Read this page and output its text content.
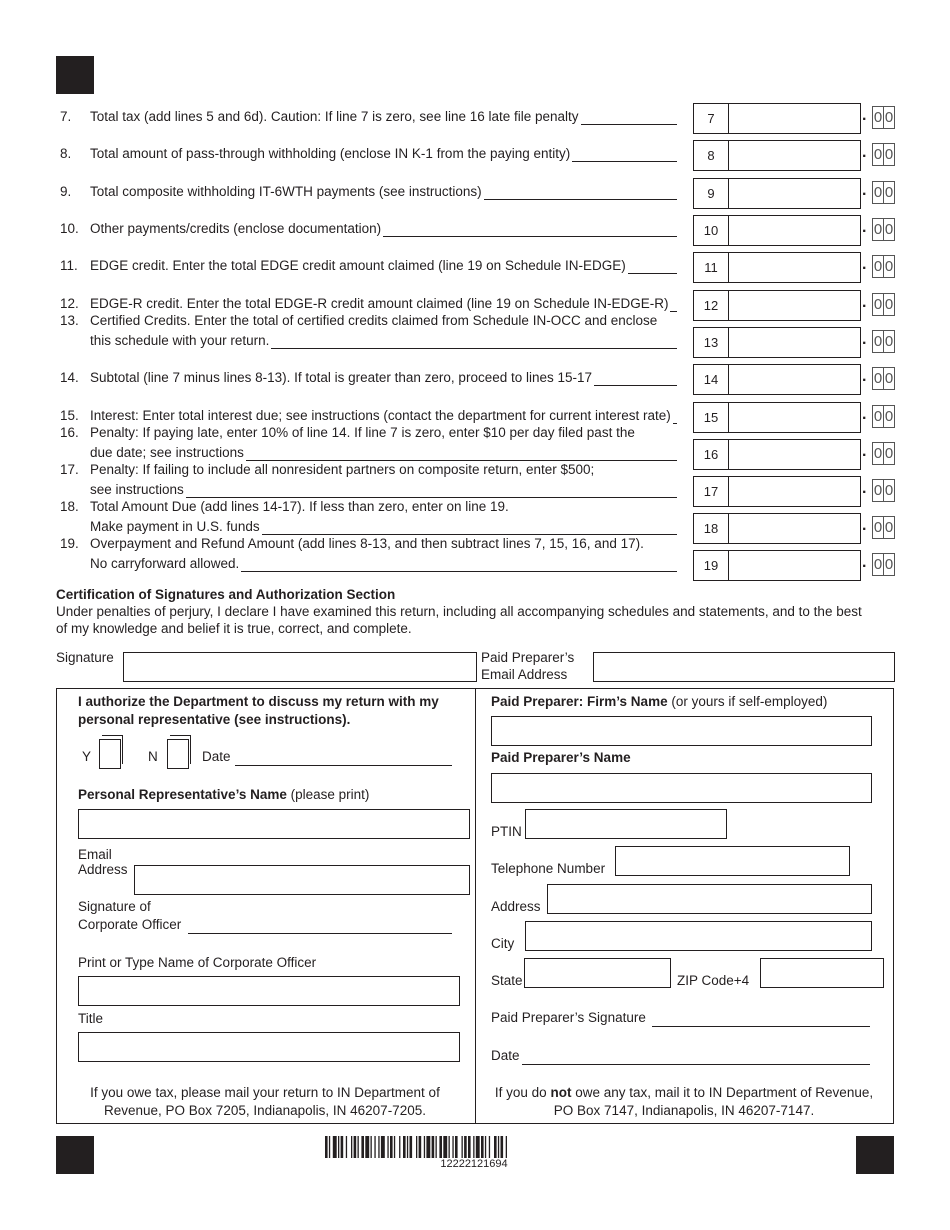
7. Total tax (add lines 5 and 6d). Caution: If line 7 is zero, see line 16 late file penalty	7	. 0 0
8. Total amount of pass-through withholding (enclose IN K-1 from the paying entity)	8	. 0 0
9. Total composite withholding IT-6WTH payments (see instructions)	9	. 0 0
10. Other payments/credits (enclose documentation)	10	. 0 0
11. EDGE credit. Enter the total EDGE credit amount claimed (line 19 on Schedule IN-EDGE)	11	. 0 0
12. EDGE-R credit. Enter the total EDGE-R credit amount claimed (line 19 on Schedule IN-EDGE-R)	12	. 0 0
13. Certified Credits. Enter the total of certified credits claimed from Schedule IN-OCC and enclose
this schedule with your return.	13	. 0 0
14. Subtotal (line 7 minus lines 8-13). If total is greater than zero, proceed to lines 15-17	14	. 0 0
15. Interest: Enter total interest due; see instructions (contact the department for current interest rate)	15	. 0 0
16. Penalty: If paying late, enter 10% of line 14. If line 7 is zero, enter $10 per day filed past the
due date; see instructions	16	. 0 0
17. Penalty: If failing to include all nonresident partners on composite return, enter $500;
see instructions	17	. 0 0
18. Total Amount Due (add lines 14-17). If less than zero, enter on line 19.
Make payment in U.S. funds	18	. 0 0
19. Overpayment and Refund Amount (add lines 8-13, and then subtract lines 7, 15, 16, and 17).
No carryforward allowed.	19	. 0 0
Certification of Signatures and Authorization Section
Under penalties of perjury, I declare I have examined this return, including all accompanying schedules and statements, and to the best
of my knowledge and belief it is true, correct, and complete.
Signature	Paid Preparer’s
Email Address
I authorize the Department to discuss my return with my
personal representative (see instructions).
Y	N	Date
Personal Representative’s Name (please print)
Email
Address
Signature of
Corporate Officer
Print or Type Name of Corporate Officer
Title
If you owe tax, please mail your return to IN Department of
Revenue, PO Box 7205, Indianapolis, IN 46207-7205.
Paid Preparer: Firm’s Name (or yours if self-employed)
Paid Preparer’s Name
PTIN
Telephone Number
Address
City
State	ZIP Code+4
Paid Preparer’s Signature
Date
If you do not owe any tax, mail it to IN Department of Revenue,
PO Box 7147, Indianapolis, IN 46207-7147.
12222121694
